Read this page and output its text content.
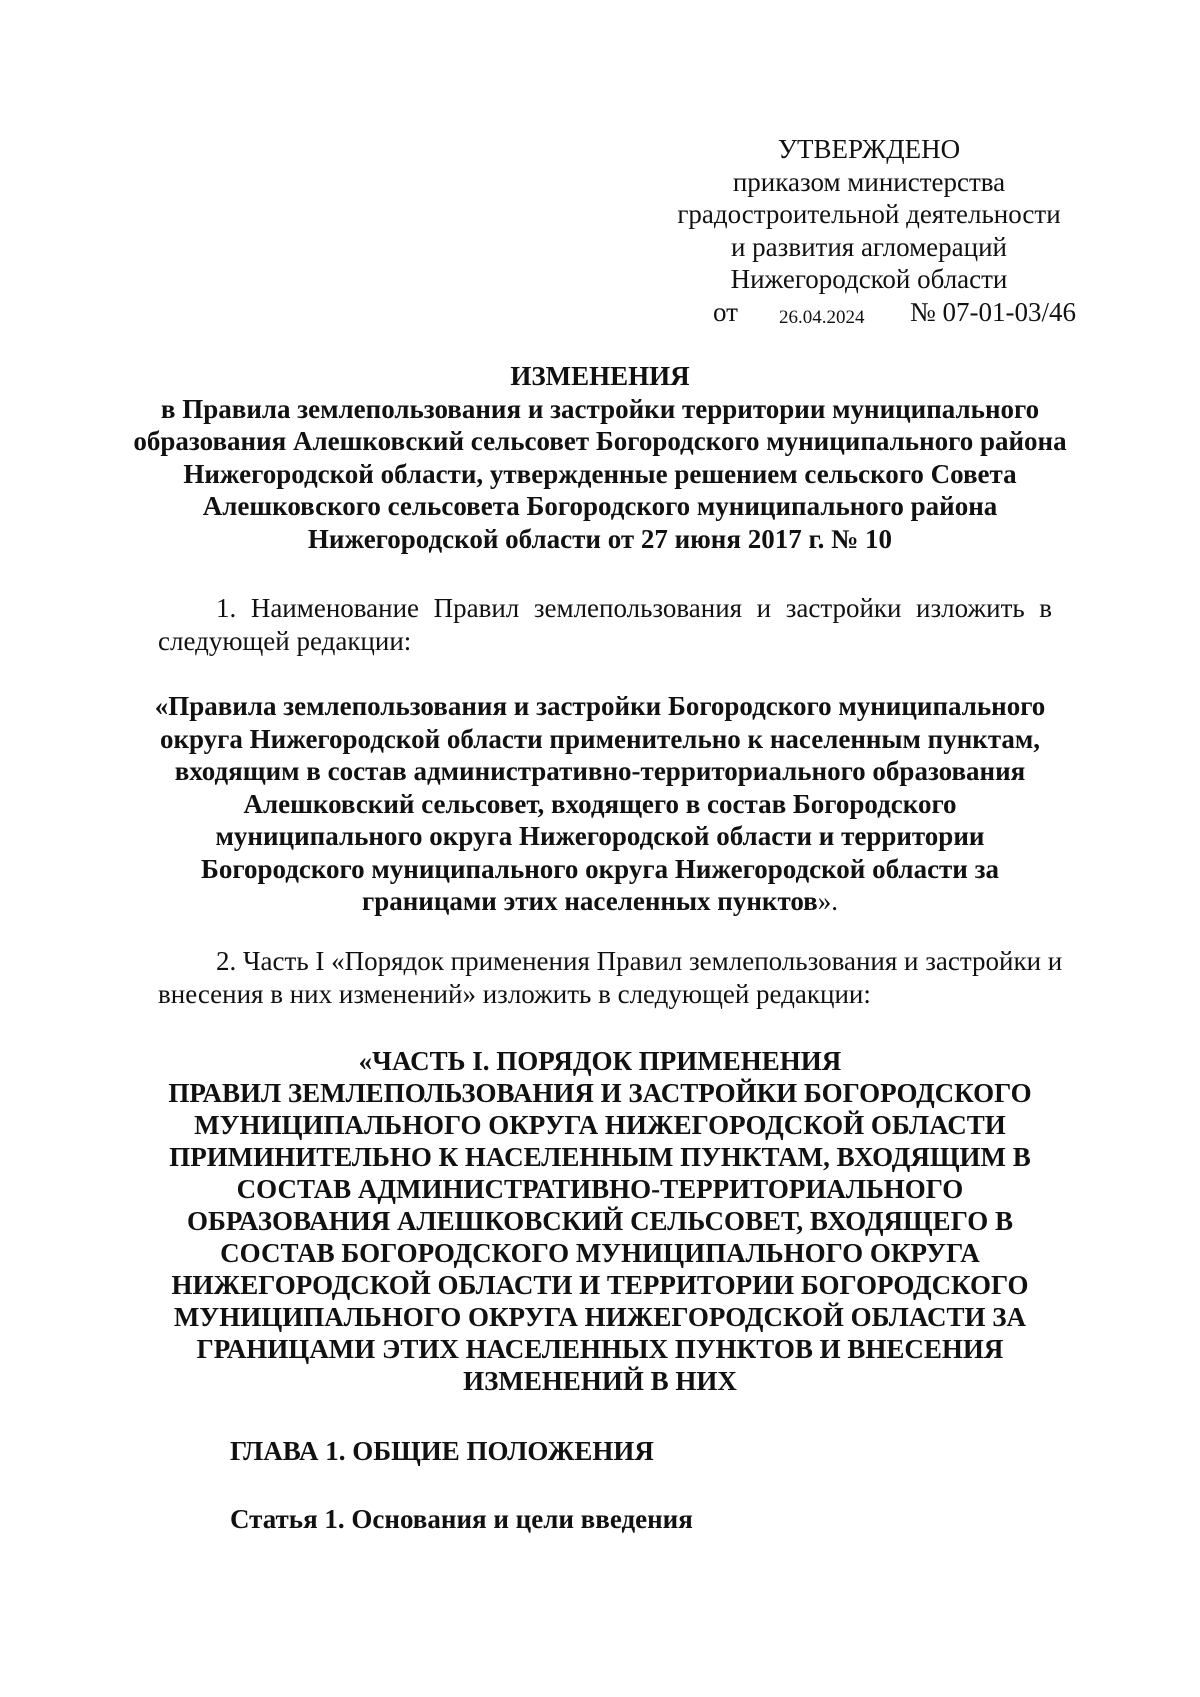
УТВЕРЖДЕНО
приказом министерства
градостроительной деятельности
и развития агломераций
Нижегородской области
от 26.04.2024 № 07-01-03/46
ИЗМЕНЕНИЯ
в Правила землепользования и застройки территории муниципального
образования Алешковский сельсовет Богородского муниципального района
Нижегородской области, утвержденные решением сельского Совета
Алешковского сельсовета Богородского муниципального района
Нижегородской области от 27 июня 2017 г. № 10
1. Наименование Правил землепользования и застройки изложить в
следующей редакции:
«Правила землепользования и застройки Богородского муниципального
округа Нижегородской области применительно к населенным пунктам,
входящим в состав административно-территориального образования
Алешковский сельсовет, входящего в состав Богородского
муниципального округа Нижегородской области и территории
Богородского муниципального округа Нижегородской области за
границами этих населенных пунктов».
2. Часть I «Порядок применения Правил землепользования и застройки и
внесения в них изменений» изложить в следующей редакции:
«ЧАСТЬ I. ПОРЯДОК ПРИМЕНЕНИЯ
ПРАВИЛ ЗЕМЛЕПОЛЬЗОВАНИЯ И ЗАСТРОЙКИ БОГОРОДСКОГО
МУНИЦИПАЛЬНОГО ОКРУГА НИЖЕГОРОДСКОЙ ОБЛАСТИ
ПРИМИНИТЕЛЬНО К НАСЕЛЕННЫМ ПУНКТАМ, ВХОДЯЩИМ В
СОСТАВ АДМИНИСТРАТИВНО-ТЕРРИТОРИАЛЬНОГО
ОБРАЗОВАНИЯ АЛЕШКОВСКИЙ СЕЛЬСОВЕТ, ВХОДЯЩЕГО В
СОСТАВ БОГОРОДСКОГО МУНИЦИПАЛЬНОГО ОКРУГА
НИЖЕГОРОДСКОЙ ОБЛАСТИ И ТЕРРИТОРИИ БОГОРОДСКОГО
МУНИЦИПАЛЬНОГО ОКРУГА НИЖЕГОРОДСКОЙ ОБЛАСТИ ЗА
ГРАНИЦАМИ ЭТИХ НАСЕЛЕННЫХ ПУНКТОВ И ВНЕСЕНИЯ
ИЗМЕНЕНИЙ В НИХ
ГЛАВА 1. ОБЩИЕ ПОЛОЖЕНИЯ
Статья 1. Основания и цели введения
